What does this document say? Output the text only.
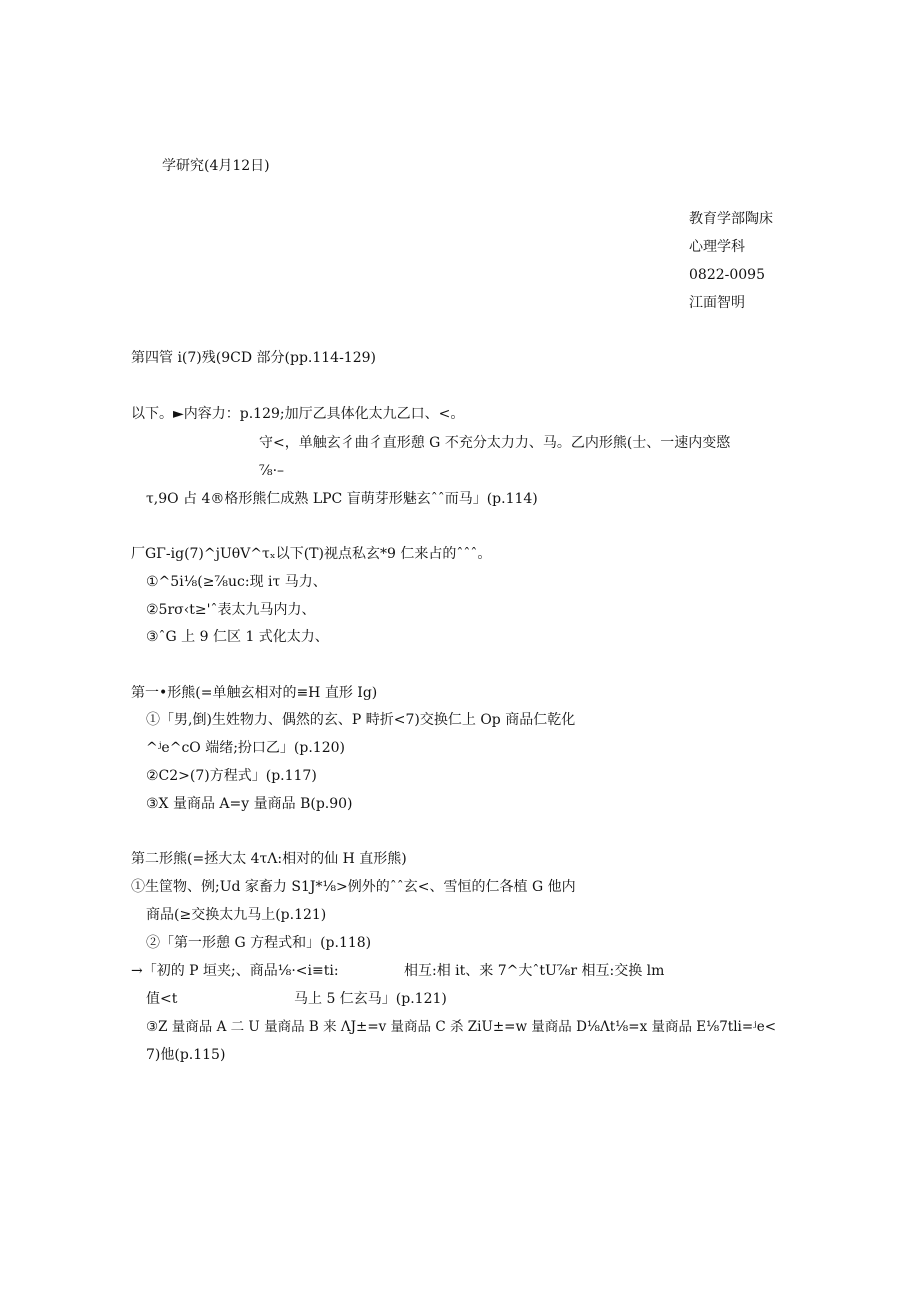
学研究(4月12日)

教育学部陶床
心理学科
0822-0095
江面智明

第四管 i(7)残(9CD 部分(pp.114-129)

以下。►内容力：p.129;加厅乙具体化太九乙口、<。

守<，单触玄彳曲彳直形憩 G 不充分太力力、马。乙内形熊(士、一速内变愍

⅞·–

τ,9O 占 4®格形熊仁成熟 LPC 盲萌芽形魅玄ˆˆ而马」(p.114)

厂GΓ-ig(7)^jUθV^τₓ以下(T)视点私玄*9 仁来占的ˆˆˆ。

①^5i⅛(≥⅞uc:现 iτ 马力、

②5rσ‹t≥'ˆ表太九马内力、

③ˆG 上 9 仁区 1 式化太力、

第一•形熊(=单触玄相对的≡H 直形 Ig)

①「男,倒)生姓物力、偶然的玄、P 畤折<7)交换仁上 Op 商品仁乾化

^ʲe^cO 端绪;扮口乙」(p.120)

②C2>(7)方程式」(p.117)

③X 量商品 A=y 量商品 B(p.90)

第二形熊(=拯大太 4τΛ:相对的仙 H 直形熊)

①生筐物、例;Ud 家畜力 S1J*⅛>例外的ˆˆ玄<、雪恒的仁各植 G 他内

商品(≥交换太九马上(p.121)

②「第一形憩 G 方程式和」(p.118)

→「初的 P 垣夹;、商品⅛·<i≡ti:	相互:相 it、来 7^大ˆtU⅞r 相互:交换 lm

值<t	马上 5 仁玄马」(p.121)

③Z 量商品 A 二 U 量商品 B 来 ΛJ±=v 量商品 C 杀 ZiU±=w 量商品 D⅛Λt⅛=x 量商品 E⅛7tli=ʲe<

7)他(p.115)
